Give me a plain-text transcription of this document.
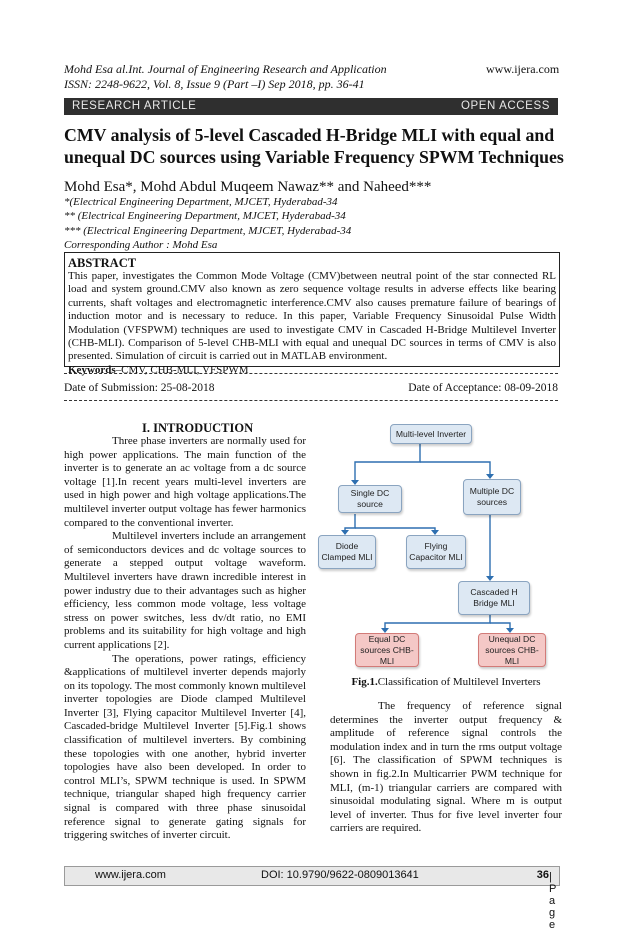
Mohd Esa al.Int. Journal of Engineering Research and Application	www.ijera.com
ISSN: 2248-9622, Vol. 8, Issue 9 (Part –I) Sep 2018, pp. 36-41
RESEARCH ARTICLE	OPEN ACCESS
CMV analysis of 5-level Cascaded H-Bridge MLI with equal and
unequal DC sources using Variable Frequency SPWM Techniques
Mohd Esa*, Mohd Abdul Muqeem Nawaz** and Naheed***
*(Electrical Engineering Department, MJCET, Hyderabad-34
** (Electrical Engineering Department, MJCET, Hyderabad-34
*** (Electrical Engineering Department, MJCET, Hyderabad-34
Corresponding Author : Mohd Esa
ABSTRACT
This paper, investigates the Common Mode Voltage (CMV)between neutral point of the star connected RL load and system ground.CMV also known as zero sequence voltage results in adverse effects like bearing currents, shaft voltages and electromagnetic interference.CMV also causes premature failure of bearings of induction motor and is necessary to reduce. In this paper, Variable Frequency Sinusoidal Pulse Width Modulation (VFSPWM) techniques are used to investigate CMV in Cascaded H-Bridge Multilevel Inverter (CHB-MLI). Comparison of 5-level CHB-MLI with equal and unequal DC sources in terms of CMV is also presented. Simulation of circuit is carried out in MATLAB environment.
Keywords–CMV, CHB-MLI, VFSPWM
Date of Submission: 25-08-2018	Date of Acceptance: 08-09-2018
I. INTRODUCTION

Three phase inverters are normally used for high power applications. The main function of the inverter is to generate an ac voltage from a dc source voltage [1].In recent years multi-level inverters are used in high power and high voltage applications.The multilevel inverter output voltage has fewer harmonics compared to the conventional inverter.

Multilevel inverters include an arrangement of semiconductors devices and dc voltage sources to generate a stepped output voltage waveform. Multilevel inverters have drawn incredible interest in power industry due to their advantages such as higher efficiency, less common mode voltage, less voltage stress on power switches, less dv/dt ratio, no EMI problems and its suitability for high voltage and high current applications [2].

The operations, power ratings, efficiency &applications of multilevel inverter depends majorly on its topology. The most commonly known multilevel inverter topologies are Diode clamped Multilevel Inverter [3], Flying capacitor Multilevel Inverter [4], Cascaded-bridge Multilevel Inverter [5].Fig.1 shows classification of multilevel inverters. By combining these topologies with one another, hybrid inverter topologies have also been developed. In order to control MLI’s, SPWM technique is used. In SPWM technique, triangular shaped high frequency carrier signal is compared with three phase sinusoidal reference signal to generate gating signals for triggering switches of inverter circuit.

Multi-level Inverter
Single DC source
Multiple DC sources
Diode Clamped MLI
Flying Capacitor MLI
Cascaded H Bridge MLI
Equal DC sources CHB-MLI
Unequal DC sources CHB-MLI
Fig.1.Classification of Multilevel Inverters

The frequency of reference signal determines the inverter output frequency & amplitude of reference signal controls the modulation index and in turn the rms output voltage [6]. The classification of SPWM techniques is shown in fig.2.In Multicarrier PWM technique for MLI, (m-1) triangular carriers are compared with sinusoidal modulating signal. Where m is output level of inverter. Thus for five level inverter four carriers are required.

www.ijera.com	DOI: 10.9790/9622-0809013641	36 | P a g e
